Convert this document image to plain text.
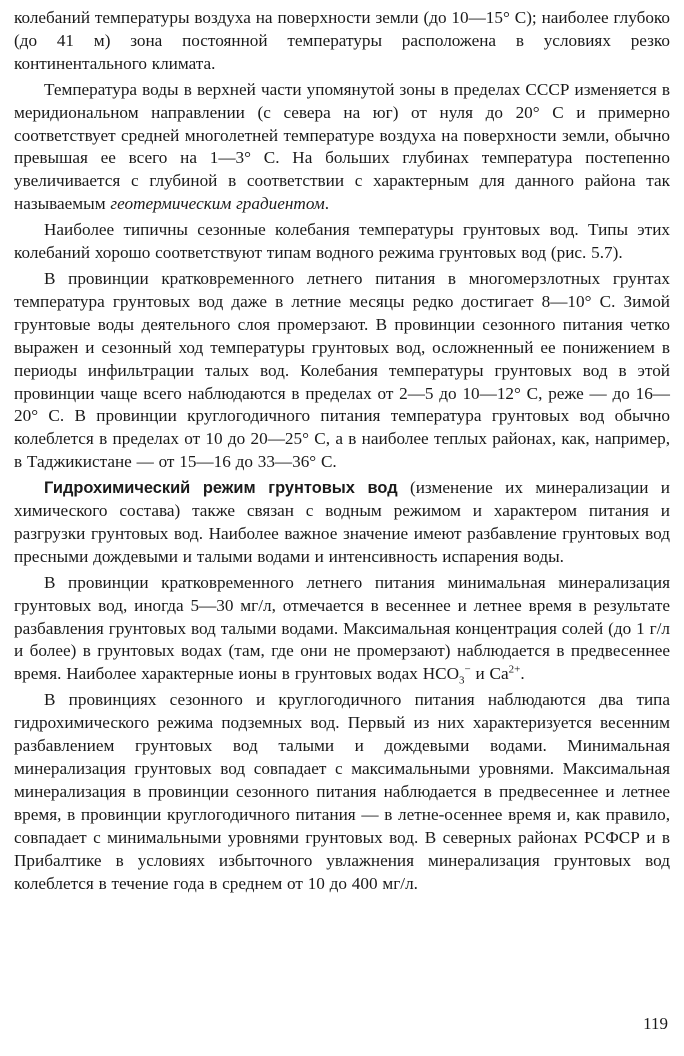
колебаний температуры воздуха на поверхности земли (до 10—15° С); наиболее глубоко (до 41 м) зона постоянной температуры расположена в условиях резко континентального климата.

Температура воды в верхней части упомянутой зоны в пределах СССР изменяется в меридиональном направлении (с севера на юг) от нуля до 20° С и примерно соответствует средней многолетней температуре воздуха на поверхности земли, обычно превышая ее всего на 1—3° С. На больших глубинах температура постепенно увеличивается с глубиной в соответствии с характерным для данного района так называемым геотермическим градиентом.

Наиболее типичны сезонные колебания температуры грунтовых вод. Типы этих колебаний хорошо соответствуют типам водного режима грунтовых вод (рис. 5.7).

В провинции кратковременного летнего питания в многомерзлотных грунтах температура грунтовых вод даже в летние месяцы редко достигает 8—10° С. Зимой грунтовые воды деятельного слоя промерзают. В провинции сезонного питания четко выражен и сезонный ход температуры грунтовых вод, осложненный ее понижением в периоды инфильтрации талых вод. Колебания температуры грунтовых вод в этой провинции чаще всего наблюдаются в пределах от 2—5 до 10—12° С, реже — до 16—20° С. В провинции круглогодичного питания температура грунтовых вод обычно колеблется в пределах от 10 до 20—25° С, а в наиболее теплых районах, как, например, в Таджикистане — от 15—16 до 33—36° С.

Гидрохимический режим грунтовых вод (изменение их минерализации и химического состава) также связан с водным режимом и характером питания и разгрузки грунтовых вод. Наиболее важное значение имеют разбавление грунтовых вод пресными дождевыми и талыми водами и интенсивность испарения воды.

В провинции кратковременного летнего питания минимальная минерализация грунтовых вод, иногда 5—30 мг/л, отмечается в весеннее и летнее время в результате разбавления грунтовых вод талыми водами. Максимальная концентрация солей (до 1 г/л и более) в грунтовых водах (там, где они не промерзают) наблюдается в предвесеннее время. Наиболее характерные ионы в грунтовых водах $HCO_3^-$ и $Ca^{2+}$.

В провинциях сезонного и круглогодичного питания наблюдаются два типа гидрохимического режима подземных вод. Первый из них характеризуется весенним разбавлением грунтовых вод талыми и дождевыми водами. Минимальная минерализация грунтовых вод совпадает с максимальными уровнями. Максимальная минерализация в провинции сезонного питания наблюдается в предвесеннее и летнее время, в провинции круглогодичного питания — в летне-осеннее время и, как правило, совпадает с минимальными уровнями грунтовых вод. В северных районах РСФСР и в Прибалтике в условиях избыточного увлажнения минерализация грунтовых вод колеблется в течение года в среднем от 10 до 400 мг/л.

119
